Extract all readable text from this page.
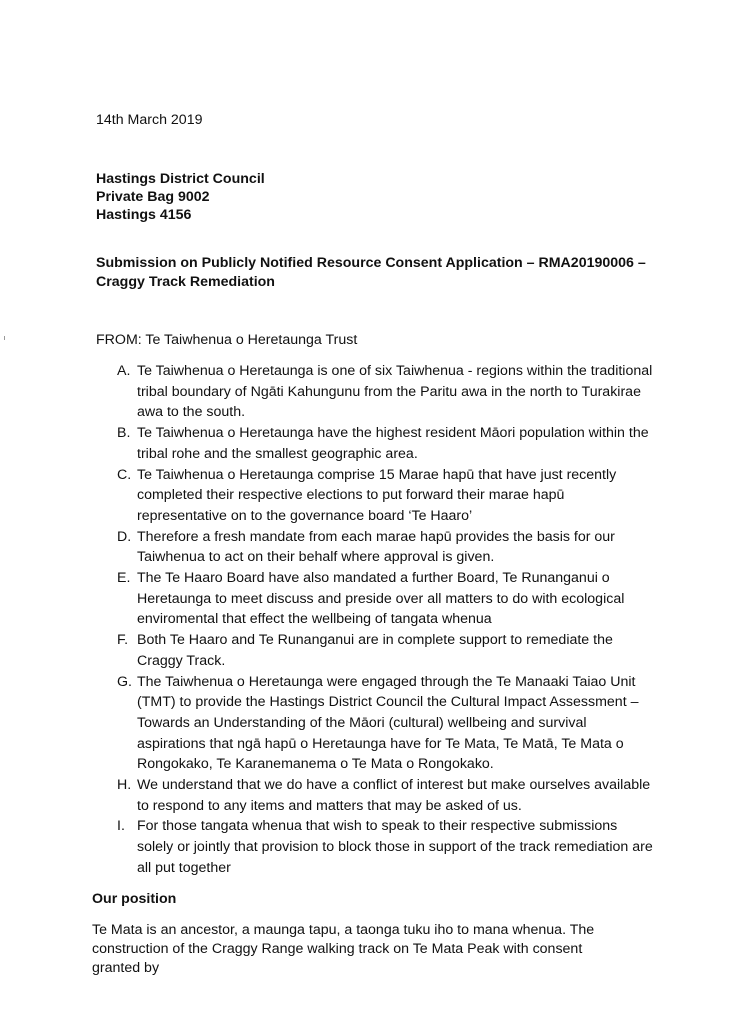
14th March 2019
Hastings District Council
Private Bag 9002
Hastings 4156
Submission on Publicly Notified Resource Consent Application – RMA20190006 – Craggy Track Remediation
FROM: Te Taiwhenua o Heretaunga Trust
A. Te Taiwhenua o Heretaunga is one of six Taiwhenua - regions within the traditional tribal boundary of Ngāti Kahungunu from the Paritu awa in the north to Turakirae awa to the south.
B. Te Taiwhenua o Heretaunga have the highest resident Māori population within the tribal rohe and the smallest geographic area.
C. Te Taiwhenua o Heretaunga comprise 15 Marae hapū that have just recently completed their respective elections to put forward their marae hapū representative on to the governance board ‘Te Haaro’
D. Therefore a fresh mandate from each marae hapū provides the basis for our Taiwhenua to act on their behalf where approval is given.
E. The Te Haaro Board have also mandated a further Board, Te Runanganui o Heretaunga to meet discuss and preside over all matters to do with ecological enviromental that effect the wellbeing of tangata whenua
F. Both Te Haaro and Te Runanganui are in complete support to remediate the Craggy Track.
G. The Taiwhenua o Heretaunga were engaged through the Te Manaaki Taiao Unit (TMT) to provide the Hastings District Council the Cultural Impact Assessment – Towards an Understanding of the Māori (cultural) wellbeing and survival aspirations that ngā hapū o Heretaunga have for Te Mata, Te Matā, Te Mata o Rongokako, Te Karanemanema o Te Mata o Rongokako.
H. We understand that we do have a conflict of interest but make ourselves available to respond to any items and matters that may be asked of us.
I. For those tangata whenua that wish to speak to their respective submissions solely or jointly that provision to block those in support of the track remediation are all put together
Our position
Te Mata is an ancestor, a maunga tapu, a taonga tuku iho to mana whenua. The construction of the Craggy Range walking track on Te Mata Peak with consent granted by
